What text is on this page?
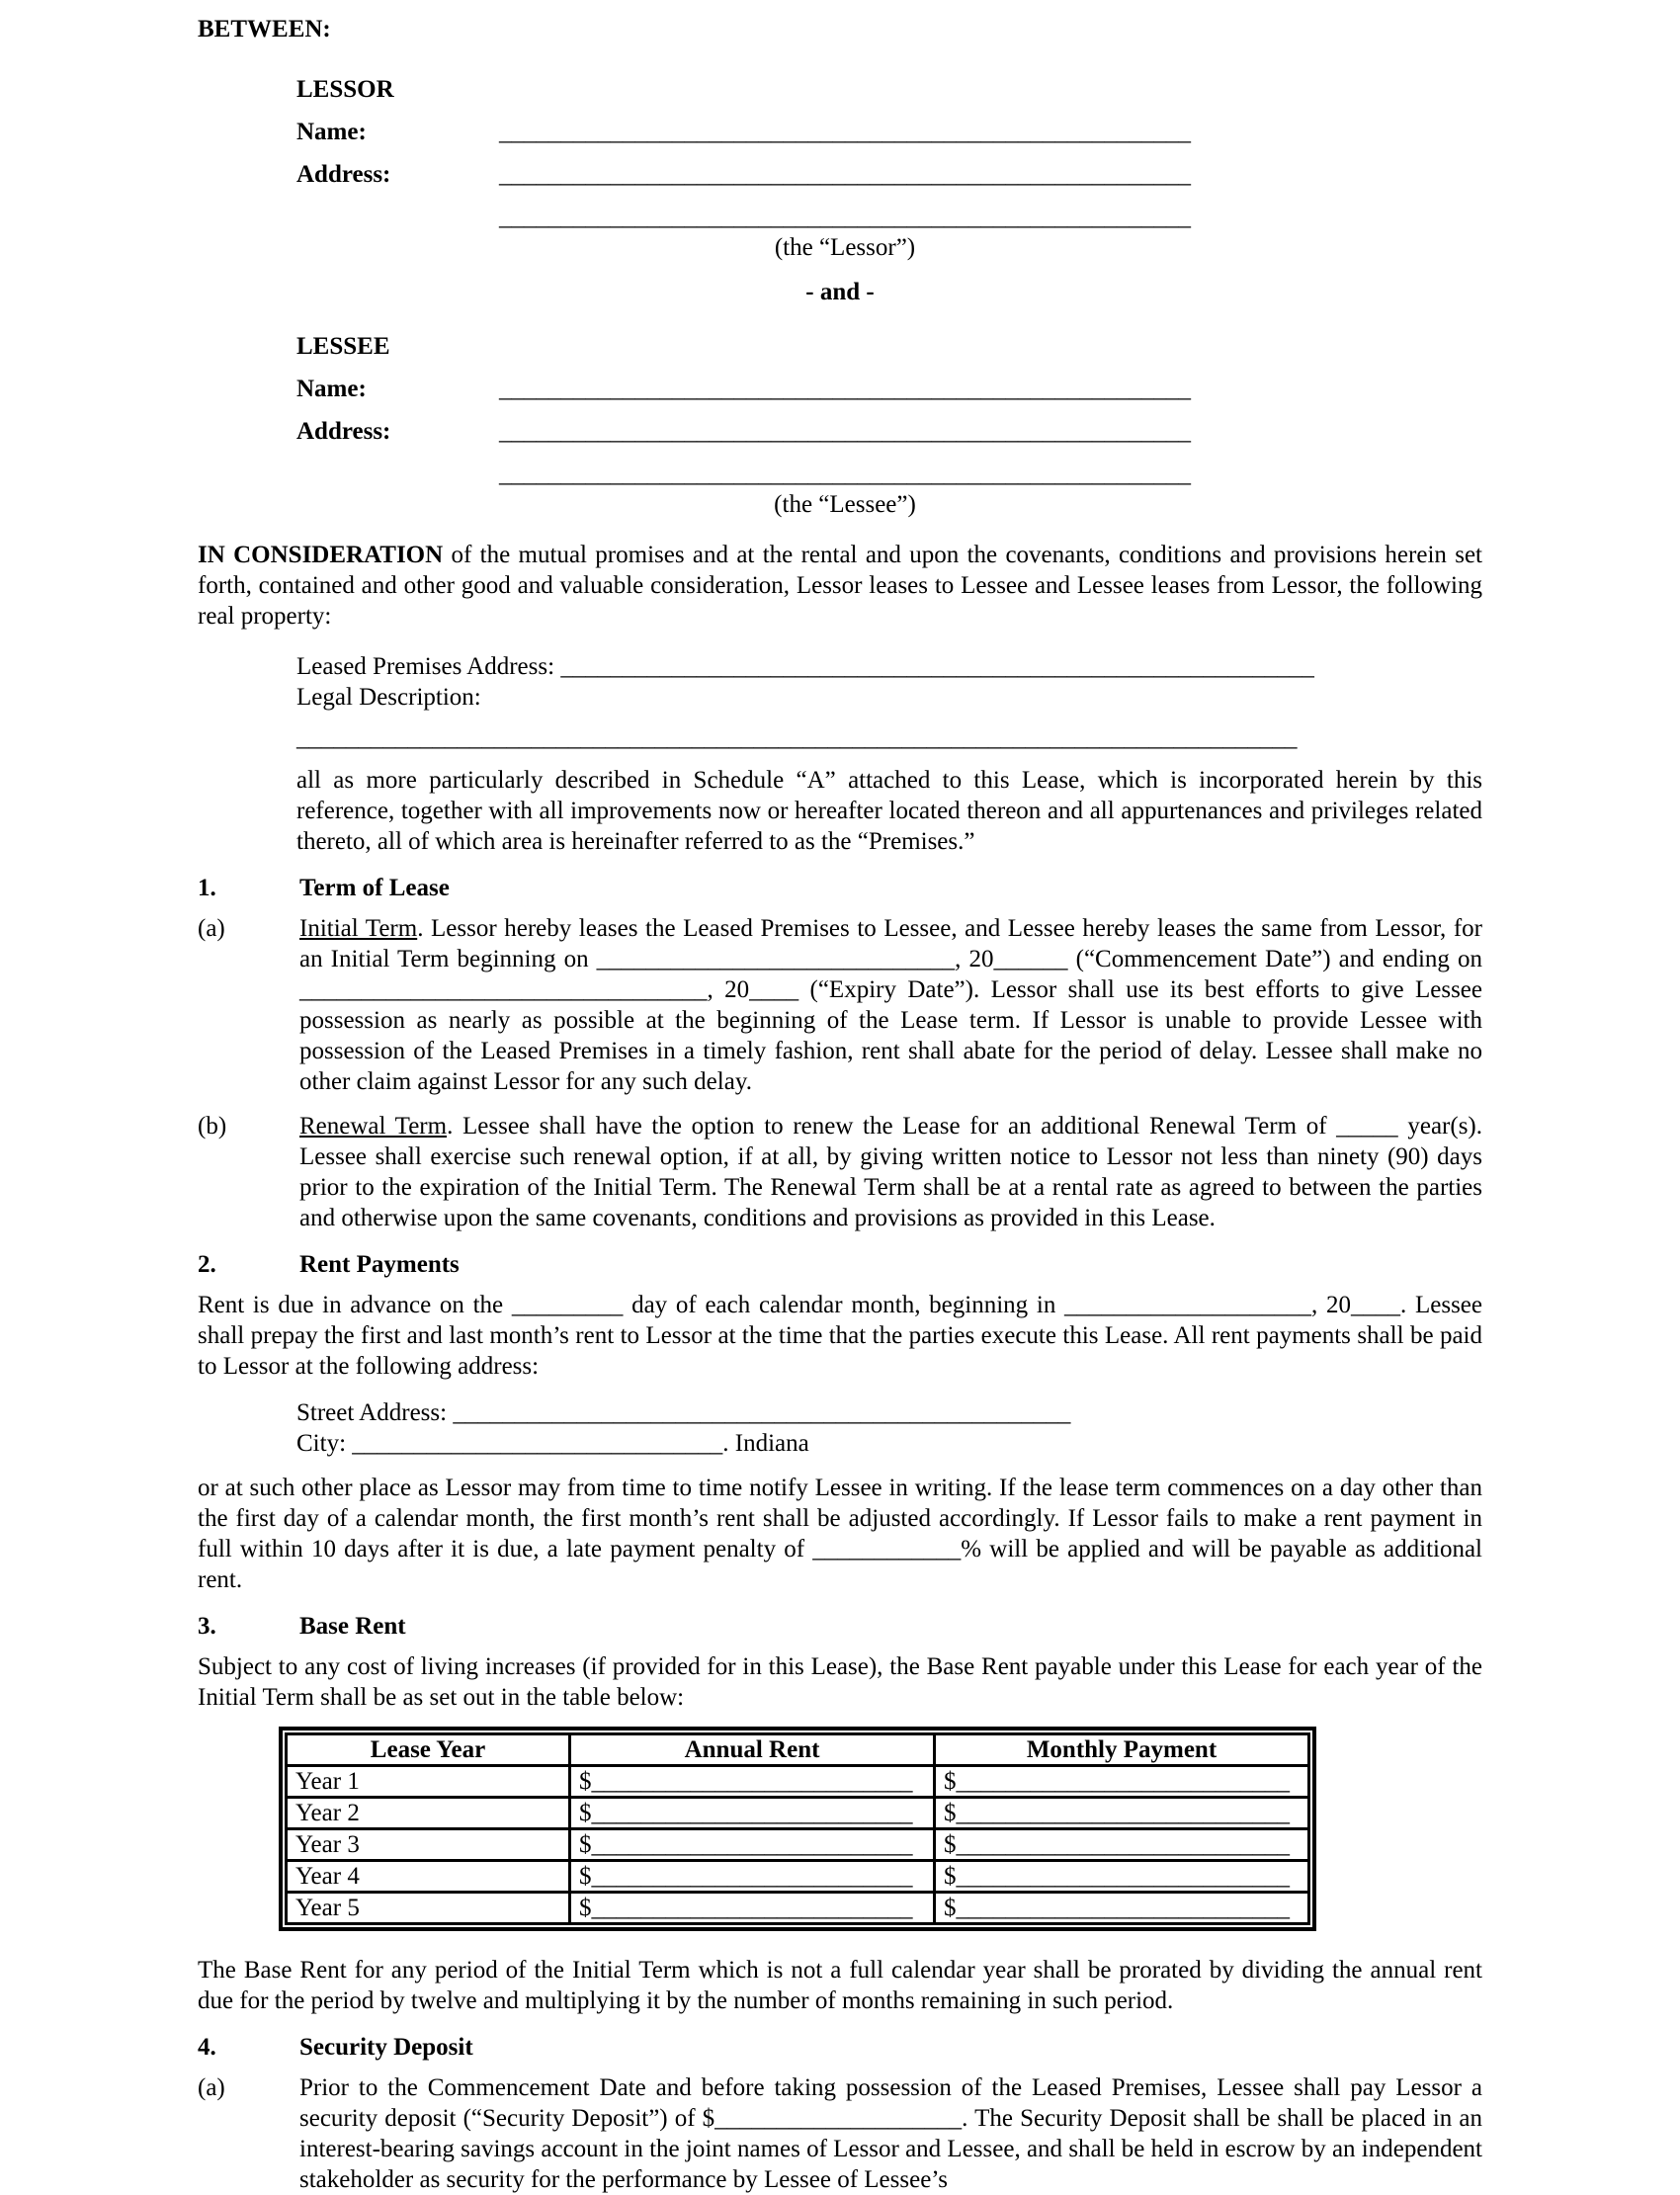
BETWEEN:

LESSOR

Name:	________________________________________________________
Address:	________________________________________________________

________________________________________________________

(the “Lessor”)

- and -

LESSEE

Name:	________________________________________________________
Address:	________________________________________________________

________________________________________________________

(the “Lessee”)

IN CONSIDERATION of the mutual promises and at the rental and upon the covenants, conditions and provisions herein set forth, contained and other good and valuable consideration, Lessor leases to Lessee and Lessee leases from Lessor, the following real property:

Leased Premises Address: _____________________________________________________________

Legal Description:

_________________________________________________________________________________

all as more particularly described in Schedule “A” attached to this Lease, which is incorporated herein by this reference, together with all improvements now or hereafter located thereon and all appurtenances and privileges related thereto, all of which area is hereinafter referred to as the “Premises.”

1.	Term of Lease
(a)	Initial Term. Lessor hereby leases the Leased Premises to Lessee, and Lessee hereby leases the same from Lessor, for an Initial Term beginning on _____________________________, 20______ (“Commencement Date”) and ending on _________________________________, 20____ (“Expiry Date”). Lessor shall use its best efforts to give Lessee possession as nearly as possible at the beginning of the Lease term. If Lessor is unable to provide Lessee with possession of the Leased Premises in a timely fashion, rent shall abate for the period of delay. Lessee shall make no other claim against Lessor for any such delay.

(b)	Renewal Term. Lessee shall have the option to renew the Lease for an additional Renewal Term of _____ year(s). Lessee shall exercise such renewal option, if at all, by giving written notice to Lessor not less than ninety (90) days prior to the expiration of the Initial Term. The Renewal Term shall be at a rental rate as agreed to between the parties and otherwise upon the same covenants, conditions and provisions as provided in this Lease.

2.	Rent Payments

Rent is due in advance on the _________ day of each calendar month, beginning in ____________________, 20____. Lessee shall prepay the first and last month’s rent to Lessor at the time that the parties execute this Lease. All rent payments shall be paid to Lessor at the following address:

Street Address: __________________________________________________

City: ______________________________. Indiana

or at such other place as Lessor may from time to time notify Lessee in writing. If the lease term commences on a day other than the first day of a calendar month, the first month’s rent shall be adjusted accordingly. If Lessor fails to make a rent payment in full within 10 days after it is due, a late payment penalty of ____________% will be applied and will be payable as additional rent.

3.	Base Rent

Subject to any cost of living increases (if provided for in this Lease), the Base Rent payable under this Lease for each year of the Initial Term shall be as set out in the table below:

Lease Year	Annual Rent	Monthly Payment
Year 1	$__________________________	$___________________________
Year 2	$__________________________	$___________________________
Year 3	$__________________________	$___________________________
Year 4	$__________________________	$___________________________
Year 5	$__________________________	$___________________________

The Base Rent for any period of the Initial Term which is not a full calendar year shall be prorated by dividing the annual rent due for the period by twelve and multiplying it by the number of months remaining in such period.

4.	Security Deposit
(a)	Prior to the Commencement Date and before taking possession of the Leased Premises, Lessee shall pay Lessor a security deposit (“Security Deposit”) of $____________________. The Security Deposit shall be shall be placed in an interest-bearing savings account in the joint names of Lessor and Lessee, and shall be held in escrow by an independent stakeholder as security for the performance by Lessee of Lessee’s
